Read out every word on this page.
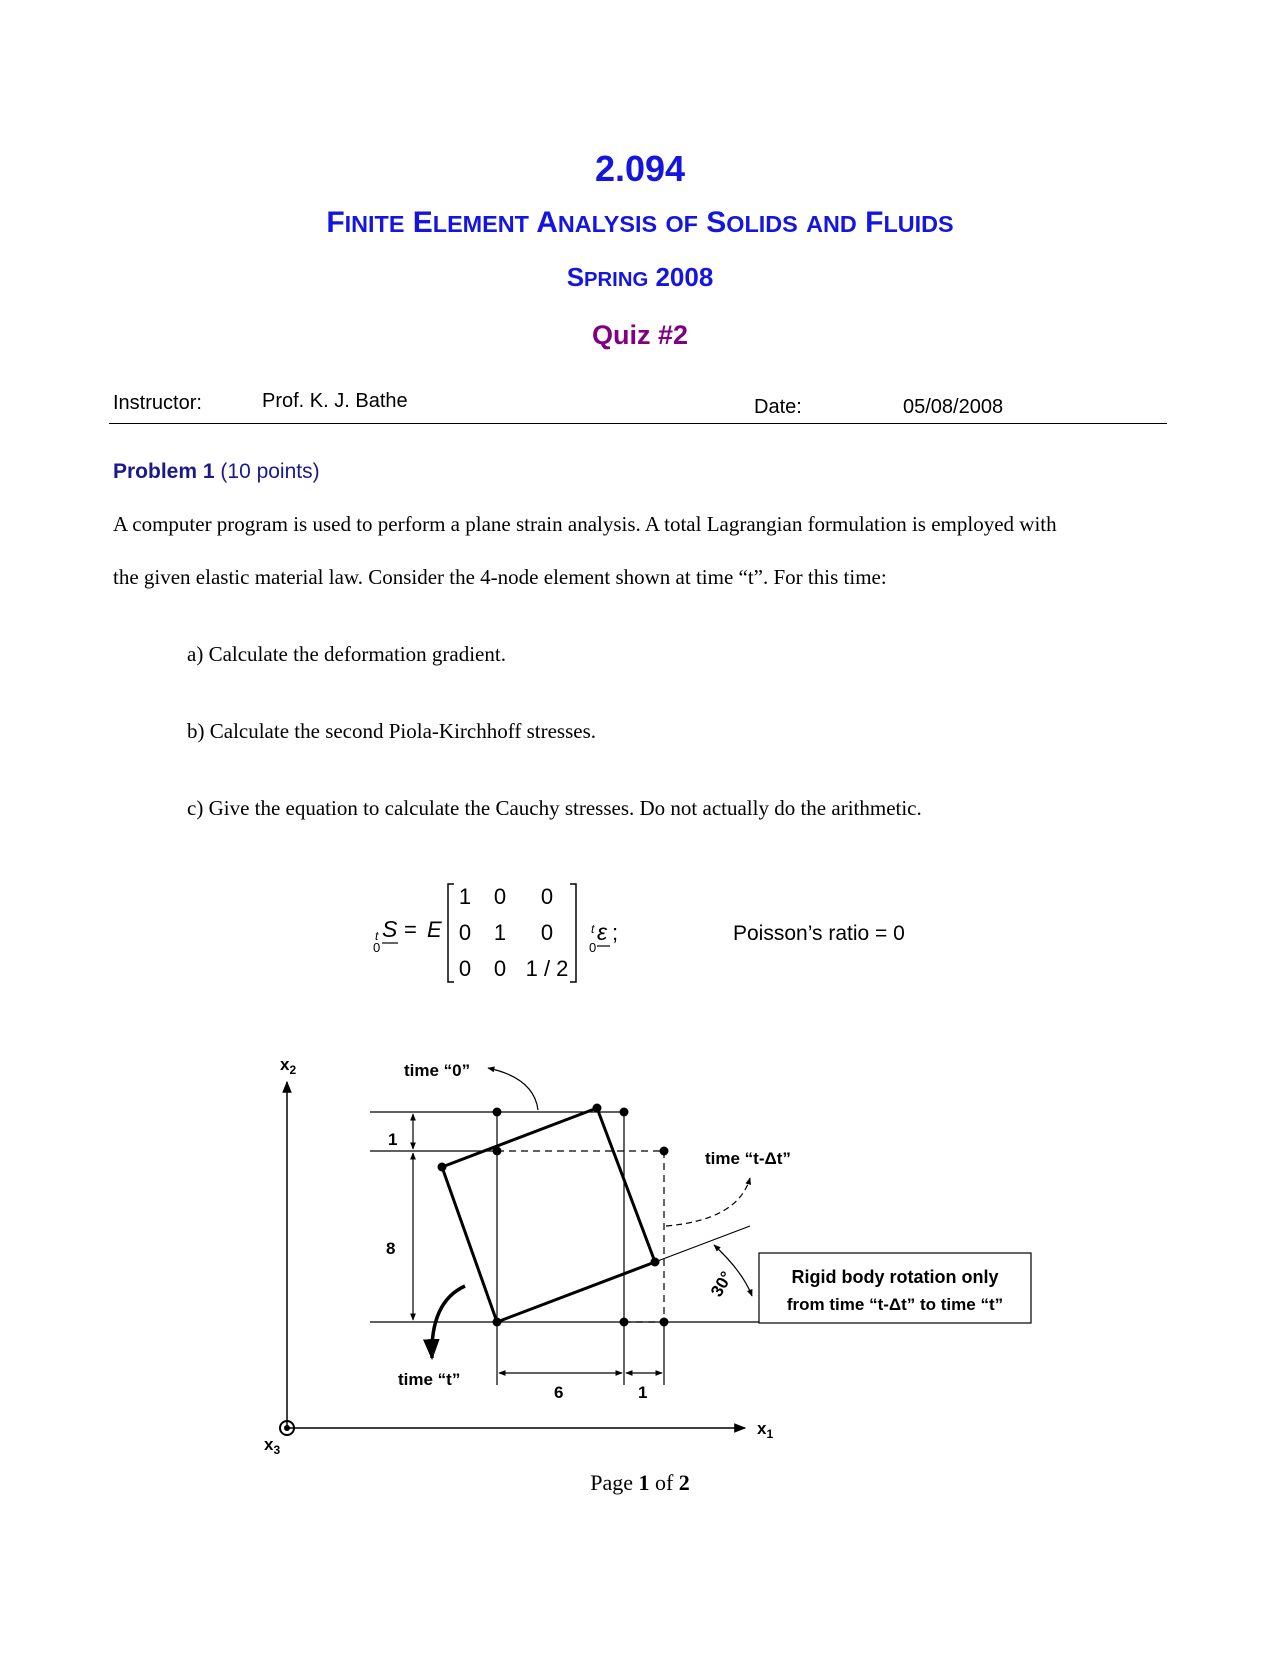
2.094
FINITE ELEMENT ANALYSIS OF SOLIDS AND FLUIDS
SPRING 2008
Quiz #2
Instructor:	Prof. K. J. Bathe	Date:	05/08/2008
Problem 1 (10 points)
A computer program is used to perform a plane strain analysis. A total Lagrangian formulation is employed with
the given elastic material law. Consider the 4-node element shown at time “t”. For this time:
a) Calculate the deformation gradient.
b) Calculate the second Piola-Kirchhoff stresses.
c) Give the equation to calculate the Cauchy stresses. Do not actually do the arithmetic.
t
0
S = E
1 0 0
0 1 0
0 0 1 / 2
t
0
ε ;	Poisson’s ratio = 0
$x_2$
$x_1$
$x_3$
1
8
6	1
time “0”
time “t-Δt”
time “t”
30°	Rigid body rotation only
from time “t-Δt” to time “t”
Page 1 of 2
